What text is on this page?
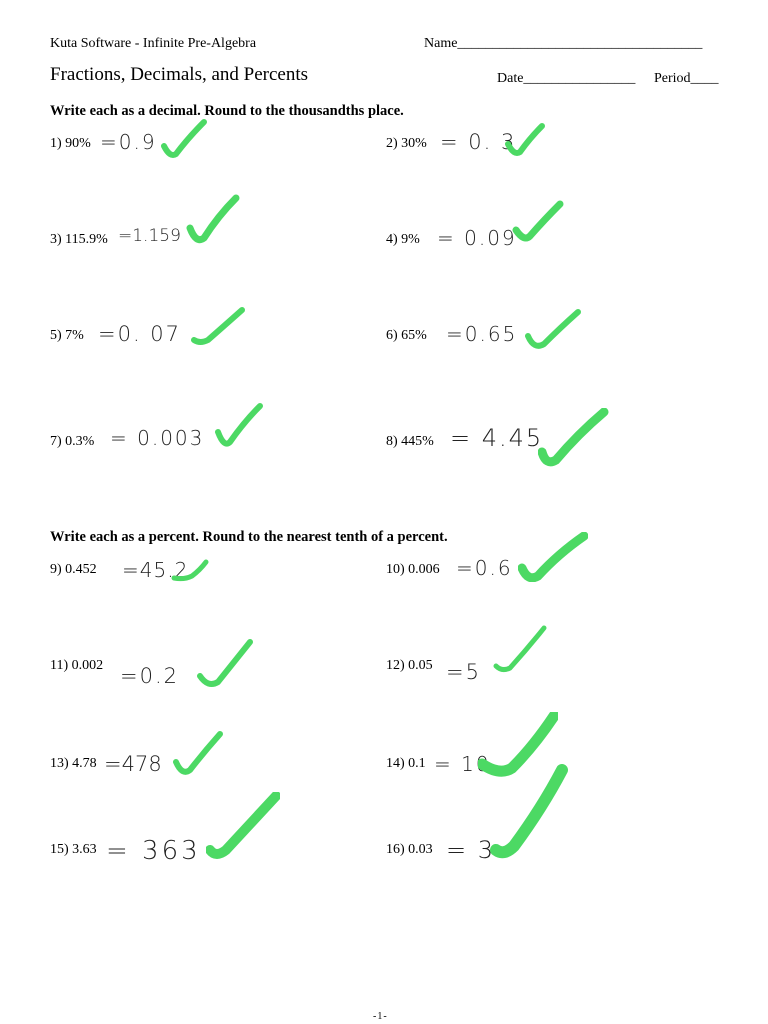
Kuta Software - Infinite Pre-Algebra	Name___________________________________
Fractions, Decimals, and Percents	Date________________ Period____
Write each as a decimal. Round to the thousandths place.
1) 90% =0.9	2) 30% = 0. 3
3) 115.9% =1.159	4) 9% = 0.09
5) 7% =0. 07	6) 65% =0.65
7) 0.3% = 0.003	8) 445% = 4.45
Write each as a percent. Round to the nearest tenth of a percent.
9) 0.452 =45.2	10) 0.006 =0.6
11) 0.002 =0.2	12) 0.05 =5
13) 4.78 =478	14) 0.1 = 10
15) 3.63 = 363	16) 0.03 = 3
-1-
